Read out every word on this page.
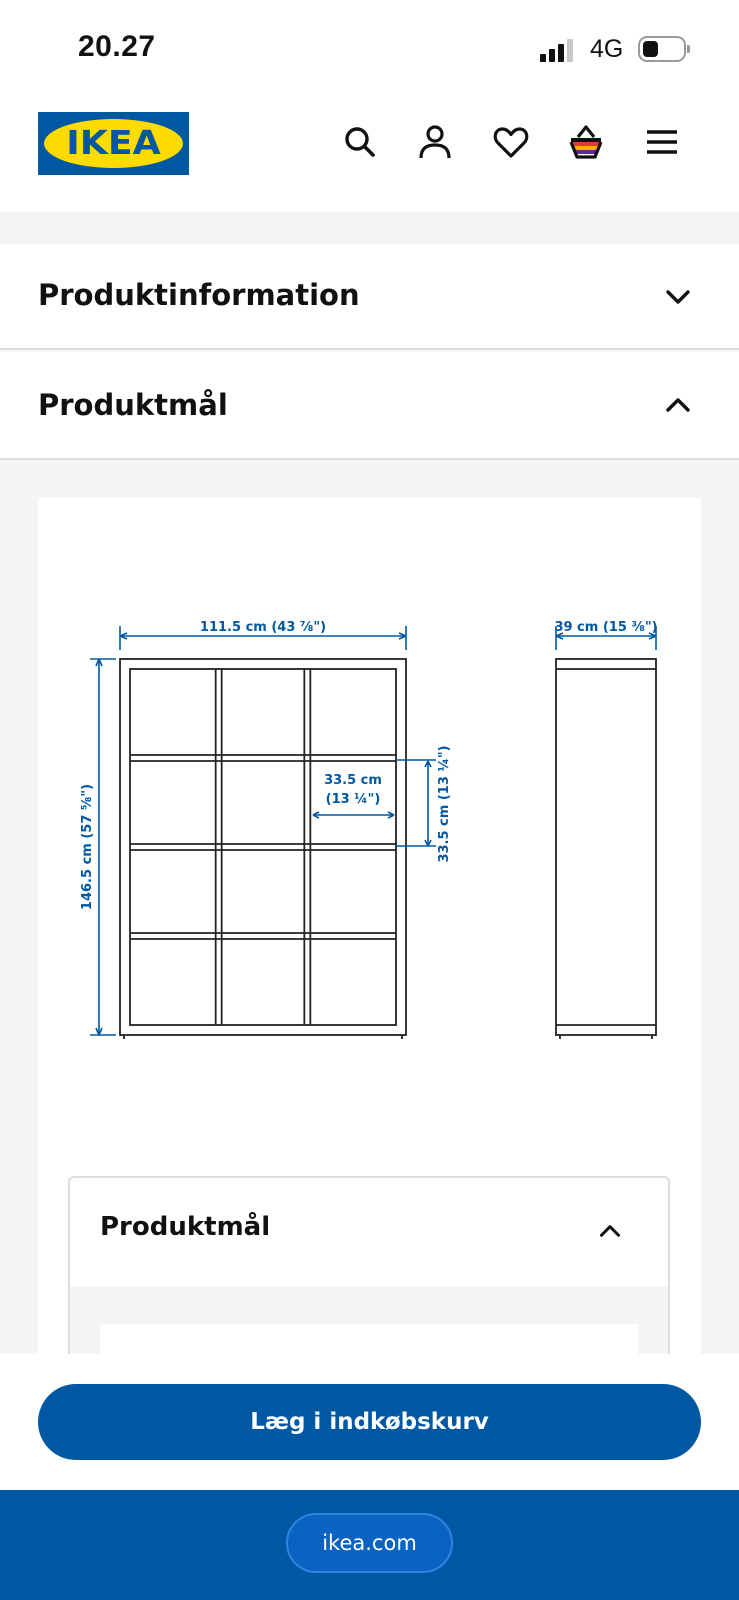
20.27	4G
IKEA
Produktinformation
Produktmål
111.5 cm (43 ⅞")	39 cm (15 ⅜")
146.5 cm (57 ⅝")
33.5 cm
(13 ¼")	33.5 cm (13 ¼")
Produktmål
Læg i indkøbskurv
ikea.com
